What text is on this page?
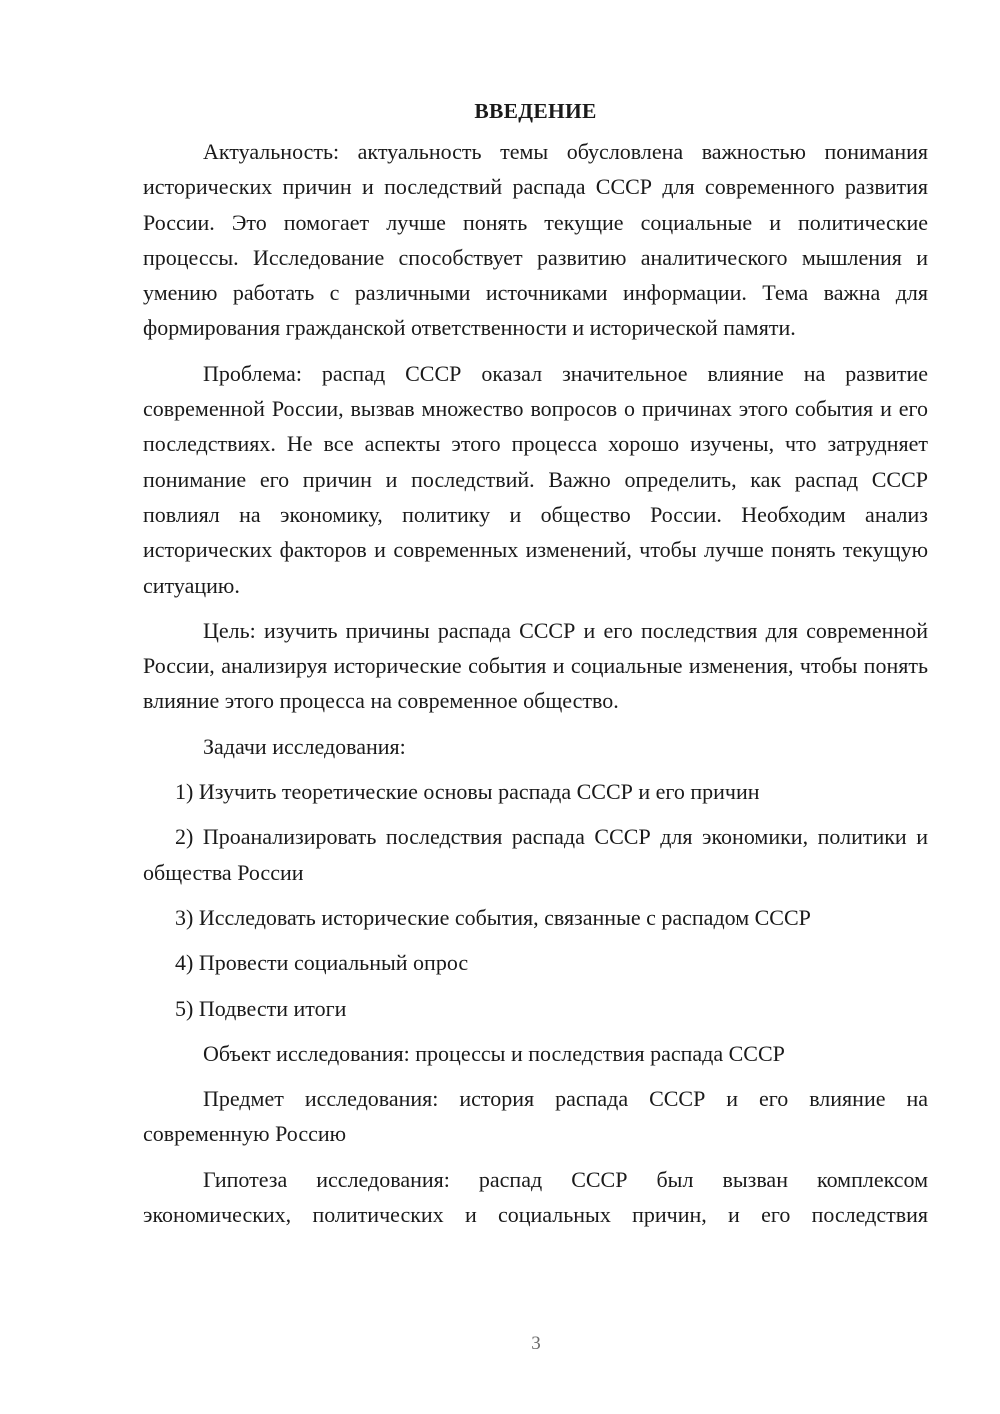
ВВЕДЕНИЕ

Актуальность: актуальность темы обусловлена важностью понимания исторических причин и последствий распада СССР для современного развития России. Это помогает лучше понять текущие социальные и политические процессы. Исследование способствует развитию аналитического мышления и умению работать с различными источниками информации. Тема важна для формирования гражданской ответственности и исторической памяти.

Проблема: распад СССР оказал значительное влияние на развитие современной России, вызвав множество вопросов о причинах этого события и его последствиях. Не все аспекты этого процесса хорошо изучены, что затрудняет понимание его причин и последствий. Важно определить, как распад СССР повлиял на экономику, политику и общество России. Необходим анализ исторических факторов и современных изменений, чтобы лучше понять текущую ситуацию.

Цель: изучить причины распада СССР и его последствия для современной России, анализируя исторические события и социальные изменения, чтобы понять влияние этого процесса на современное общество.

Задачи исследования:

1) Изучить теоретические основы распада СССР и его причин

2) Проанализировать последствия распада СССР для экономики, политики и общества России

3) Исследовать исторические события, связанные с распадом СССР

4) Провести социальный опрос

5) Подвести итоги

Объект исследования: процессы и последствия распада СССР

Предмет исследования: история распада СССР и его влияние на современную Россию

Гипотеза исследования: распад СССР был вызван комплексом экономических, политических и социальных причин, и его последствия

3
